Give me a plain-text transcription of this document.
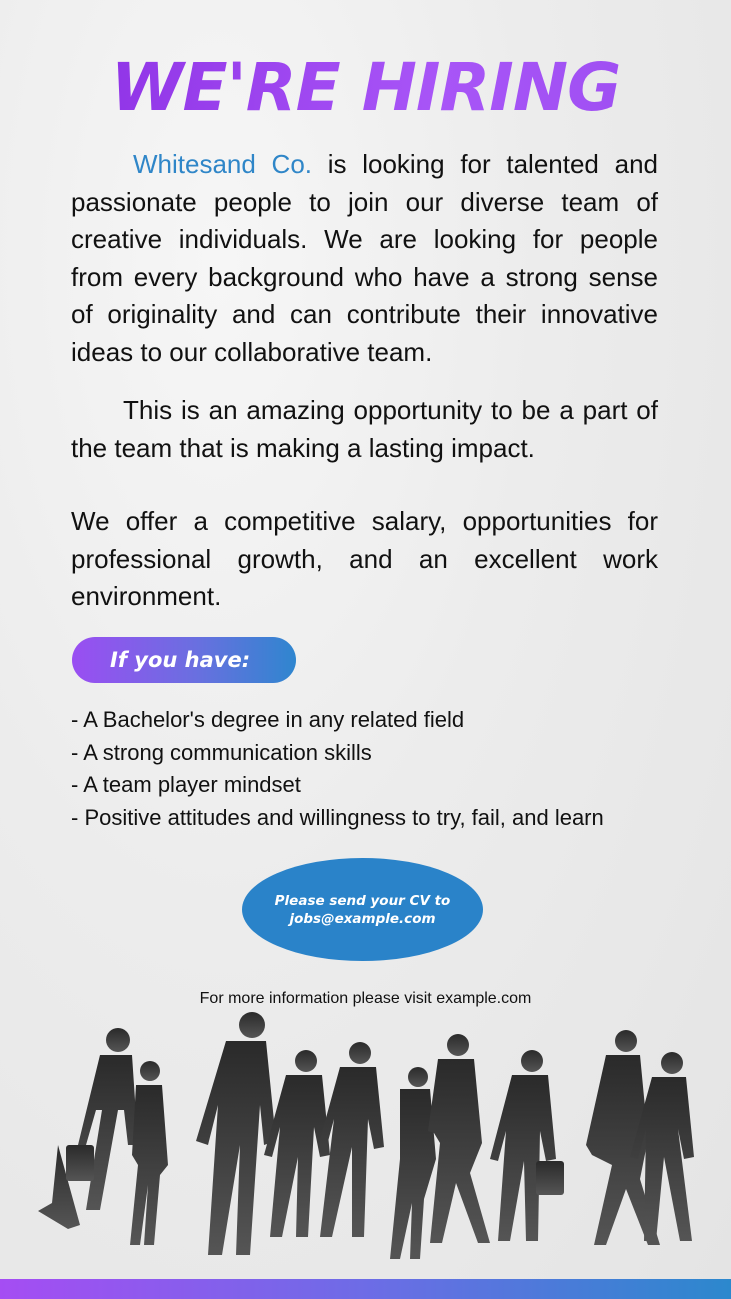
WE'RE HIRING

Whitesand Co. is looking for talented and passionate people to join our diverse team of creative individuals. We are looking for people from every background who have a strong sense of originality and can contribute their innovative ideas to our collaborative team.

This is an amazing opportunity to be a part of the team that is making a lasting impact.

We offer a competitive salary, opportunities for professional growth, and an excellent work environment.

If you have:
- A Bachelor's degree in any related field
- A strong communication skills
- A team player mindset
- Positive attitudes and willingness to try, fail, and learn
Please send your CV to jobs@example.com
For more information please visit example.com
